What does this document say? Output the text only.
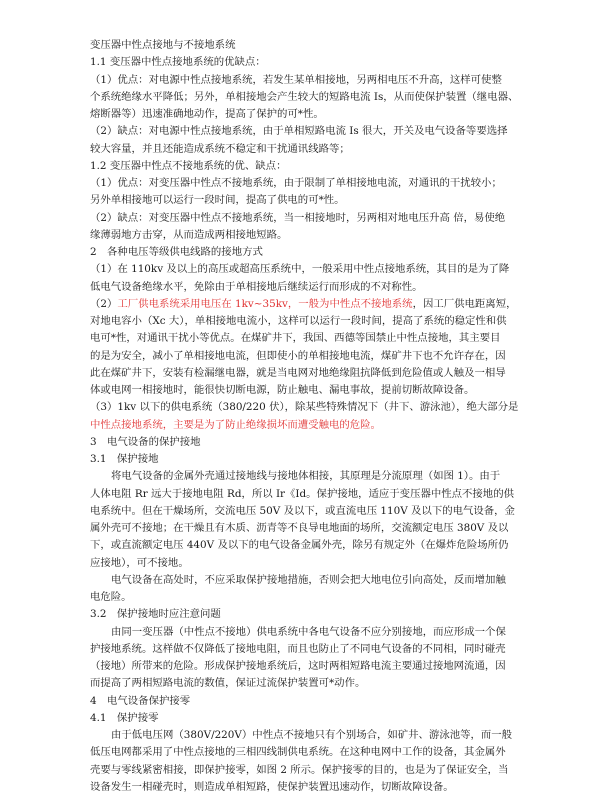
变压器中性点接地与不接地系统
1.1 变压器中性点接地系统的优缺点：
（1）优点：对电源中性点接地系统，若发生某单相接地，另两相电压不升高，这样可使整
个系统绝缘水平降低；另外，单相接地会产生较大的短路电流 Is，从而使保护装置（继电器、
熔断器等）迅速准确地动作，提高了保护的可*性。
（2）缺点：对电源中性点接地系统，由于单相短路电流 Is 很大，开关及电气设备等要选择
较大容量，并且还能造成系统不稳定和干扰通讯线路等；
1.2 变压器中性点不接地系统的优、缺点：
（1）优点：对变压器中性点不接地系统，由于限制了单相接地电流，对通讯的干扰较小；
另外单相接地可以运行一段时间，提高了供电的可*性。
（2）缺点：对变压器中性点不接地系统，当一相接地时，另两相对地电压升高 倍，易使绝
缘薄弱地方击穿，从而造成两相接地短路。
2　各种电压等级供电线路的接地方式
（1）在 110kv 及以上的高压或超高压系统中，一般采用中性点接地系统，其目的是为了降
低电气设备绝缘水平，免除由于单相接地后继续运行而形成的不对称性。
（2）工厂供电系统采用电压在 1kv~35kv，一般为中性点不接地系统，因工厂供电距离短，
对地电容小（Xc 大），单相接地电流小，这样可以运行一段时间，提高了系统的稳定性和供
电可*性，对通讯干扰小等优点。在煤矿井下，我国、西德等国禁止中性点接地，其主要目
的是为安全，减小了单相接地电流，但即使小的单相接地电流，煤矿井下也不允许存在，因
此在煤矿井下，安装有检漏继电器，就是当电网对地绝缘阻抗降低到危险值或人触及一相导
体或电网一相接地时，能很快切断电源，防止触电、漏电事故，提前切断故障设备。
（3）1kv 以下的供电系统（380/220 伏），除某些特殊情况下（井下、游泳池），绝大部分是
中性点接地系统，主要是为了防止绝缘损坏而遭受触电的危险。
3　电气设备的保护接地
3.1　保护接地
将电气设备的金属外壳通过接地线与接地体相接，其原理是分流原理（如图 1）。由于
人体电阻 Rr 远大于接地电阻 Rd，所以 Ir《Id。保护接地，适应于变压器中性点不接地的供
电系统中。但在干燥场所，交流电压 50V 及以下，或直流电压 110V 及以下的电气设备，金
属外壳可不接地；在干燥且有木质、沥青等不良导电地面的场所，交流额定电压 380V 及以
下，或直流额定电压 440V 及以下的电气设备金属外壳，除另有规定外（在爆炸危险场所仍
应接地），可不接地。
电气设备在高处时，不应采取保护接地措施，否则会把大地电位引向高处，反而增加触
电危险。
3.2　保护接地时应注意问题
由同一变压器（中性点不接地）供电系统中各电气设备不应分别接地，而应形成一个保
护接地系统。这样做不仅降低了接地电阻，而且也防止了不同电气设备的不同相，同时碰壳
（接地）所带来的危险。形成保护接地系统后，这时两相短路电流主要通过接地网流通，因
而提高了两相短路电流的数值，保证过流保护装置可*动作。
4　电气设备保护接零
4.1　保护接零
由于低电压网（380V/220V）中性点不接地只有个别场合，如矿井、游泳池等，而一般
低压电网都采用了中性点接地的三相四线制供电系统。在这种电网中工作的设备，其金属外
壳要与零线紧密相接，即保护接零，如图 2 所示。保护接零的目的，也是为了保证安全，当
设备发生一相碰壳时，则造成单相短路，使保护装置迅速动作，切断故障设备。
